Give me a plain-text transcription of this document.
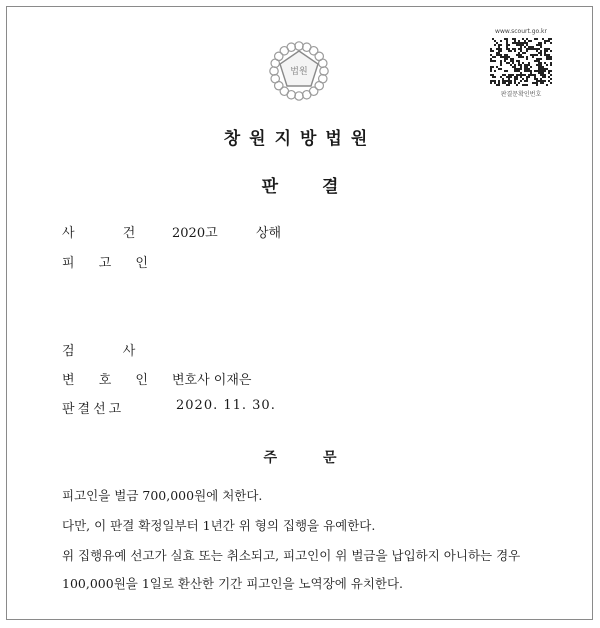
법원
www.scourt.go.kr
판결문확인번호
창원지방법원
판결
사 건 2020고	상해
피 고 인
검 사
변 호 인 변호사 이재은
판결선고	2020. 11. 30.
주문
피고인을 벌금 700,000원에 처한다.
다만, 이 판결 확정일부터 1년간 위 형의 집행을 유예한다.
위 집행유예 선고가 실효 또는 취소되고, 피고인이 위 벌금을 납입하지 아니하는 경우
100,000원을 1일로 환산한 기간 피고인을 노역장에 유치한다.
